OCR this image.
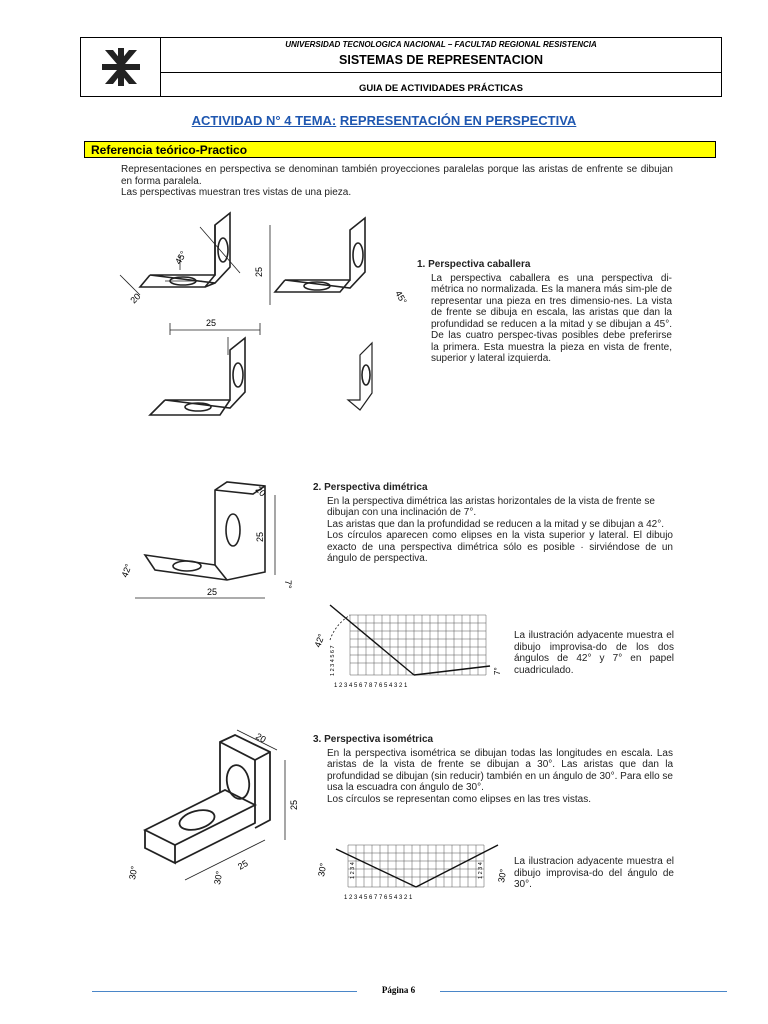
UNIVERSIDAD TECNOLOGICA NACIONAL – FACULTAD REGIONAL RESISTENCIA
SISTEMAS DE REPRESENTACION
GUIA DE ACTIVIDADES PRÁCTICAS
ACTIVIDAD N° 4 TEMA: REPRESENTACIÓN EN PERSPECTIVA
Referencia teórico-Practico

Representaciones en perspectiva se denominan también proyecciones paralelas porque las aristas de enfrente se dibujan en forma paralela.

Las perspectivas muestran tres vistas de una pieza.

25
25
20
45°
45°

1. Perspectiva caballera

La perspectiva caballera es una perspectiva di-métrica no normalizada. Es la manera más sim-ple de representar una pieza en tres dimensio-nes. La vista de frente se dibuja en escala, las aristas que dan la profundidad se reducen a la mitad y se dibujan a 45°. De las cuatro perspec-tivas posibles debe preferirse la primera. Esta muestra la pieza en vista de frente, superior y lateral izquierda.

25
25
20
42°
7°

2. Perspectiva dimétrica

En la perspectiva dimétrica las aristas horizontales de la vista de frente se dibujan con una inclinación de 7°.

Las aristas que dan la profundidad se reducen a la mitad y se dibujan a 42°.

Los círculos aparecen como elipses en la vista superior y lateral. El dibujo exacto de una perspectiva dimétrica sólo es posible · sirviéndose de un ángulo de perspectiva.

42°
7°
1 2 3 4 5 6 7
1 2 3 4 5 6 7 8 7 6 5 4 3 2 1

La ilustración adyacente muestra el dibujo improvisa-do de los dos ángulos de 42° y 7° en papel cuadriculado.

25
20
25
30°	30°

3. Perspectiva isométrica

En la perspectiva isométrica se dibujan todas las longitudes en escala. Las aristas de la vista de frente se dibujan a 30°. Las aristas que dan la profundidad se dibujan (sin reducir) también en un ángulo de 30°. Para ello se usa la escuadra con ángulo de 30°.

Los círculos se representan como elipses en las tres vistas.

30°	30°
1 2 3 4 5 6 7 7 6 5 4 3 2 1
1 2 3 4	1 2 3 4

La ilustracion adyacente muestra el dibujo improvisa-do del ángulo de 30°.

Página 6
